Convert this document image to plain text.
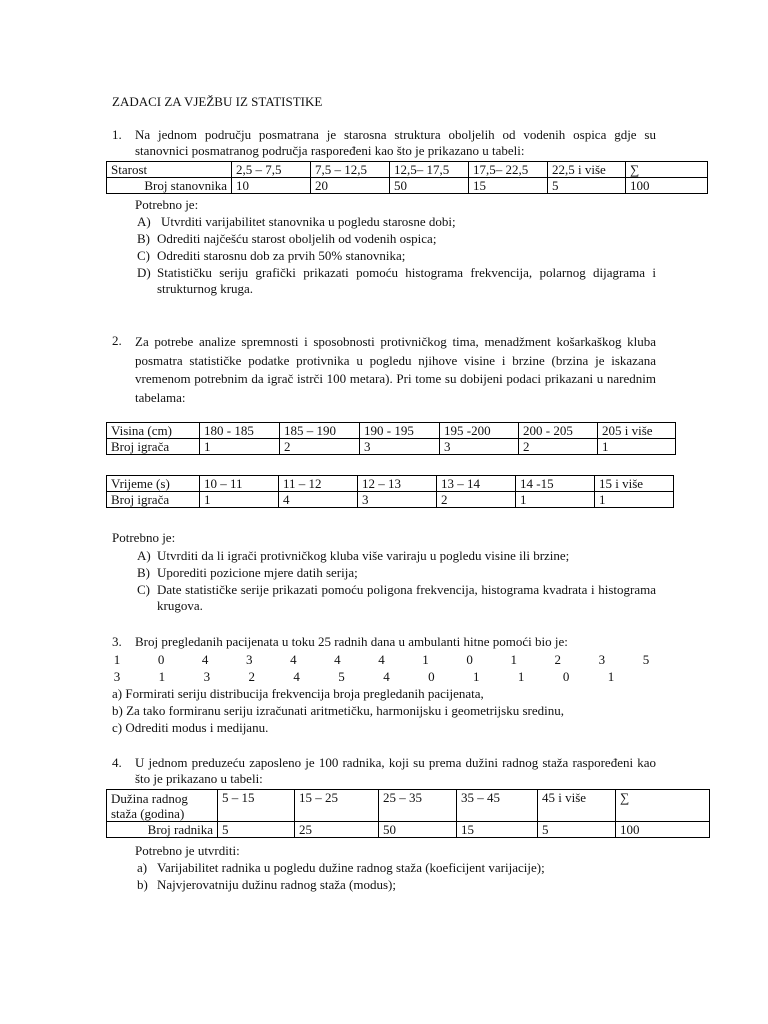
ZADACI ZA VJEŽBU IZ STATISTIKE
1. Na jednom području posmatrana je starosna struktura oboljelih od vodenih ospica gdje su stanovnici posmatranog područja raspoređeni kao što je prikazano u tabeli:
Starost	2,5 – 7,5	7,5 – 12,5	12,5– 17,5	17,5– 22,5	22,5 i više	∑
Broj stanovnika	10	20	50	15	5	100
Potrebno je:
A) Utvrditi varijabilitet stanovnika u pogledu starosne dobi;
B) Odrediti najčešću starost oboljelih od vodenih ospica;
C) Odrediti starosnu dob za prvih 50% stanovnika;
D) Statističku seriju grafički prikazati pomoću histograma frekvencija, polarnog dijagrama i strukturnog kruga.
2. Za potrebe analize spremnosti i sposobnosti protivničkog tima, menadžment košarkaškog kluba posmatra statističke podatke protivnika u pogledu njihove visine i brzine (brzina je iskazana vremenom potrebnim da igrač istrči 100 metara). Pri tome su dobijeni podaci prikazani u narednim tabelama:
Visina (cm)	180 - 185	185 – 190	190 - 195	195 -200	200 - 205	205 i više
Broj igrača	1	2	3	3	2	1
Vrijeme (s)	10 – 11	11 – 12	12 – 13	13 – 14	14 -15	15 i više
Broj igrača	1	4	3	2	1	1
Potrebno je:
A) Utvrditi da li igrači protivničkog kluba više variraju u pogledu visine ili brzine;
B) Uporediti pozicione mjere datih serija;
C) Date statističke serije prikazati pomoću poligona frekvencija, histograma kvadrata i histograma krugova.
3. Broj pregledanih pacijenata u toku 25 radnih dana u ambulanti hitne pomoći bio je:
1	0	4	3	4	4	4	1	0	1	2	3	5
3	1	3	2	4	5	4	0	1	1	0	1
a) Formirati seriju distribucija frekvencija broja pregledanih pacijenata,
b) Za tako formiranu seriju izračunati aritmetičku, harmonijsku i geometrijsku sredinu,
c) Odrediti modus i medijanu.
4. U jednom preduzeću zaposleno je 100 radnika, koji su prema dužini radnog staža raspoređeni kao što je prikazano u tabeli:
Dužina radnog staža (godina)	5 – 15	15 – 25	25 – 35	35 – 45	45 i više	∑
Broj radnika	5	25	50	15	5	100
Potrebno je utvrditi:
a) Varijabilitet radnika u pogledu dužine radnog staža (koeficijent varijacije);
b) Najvjerovatniju dužinu radnog staža (modus);
